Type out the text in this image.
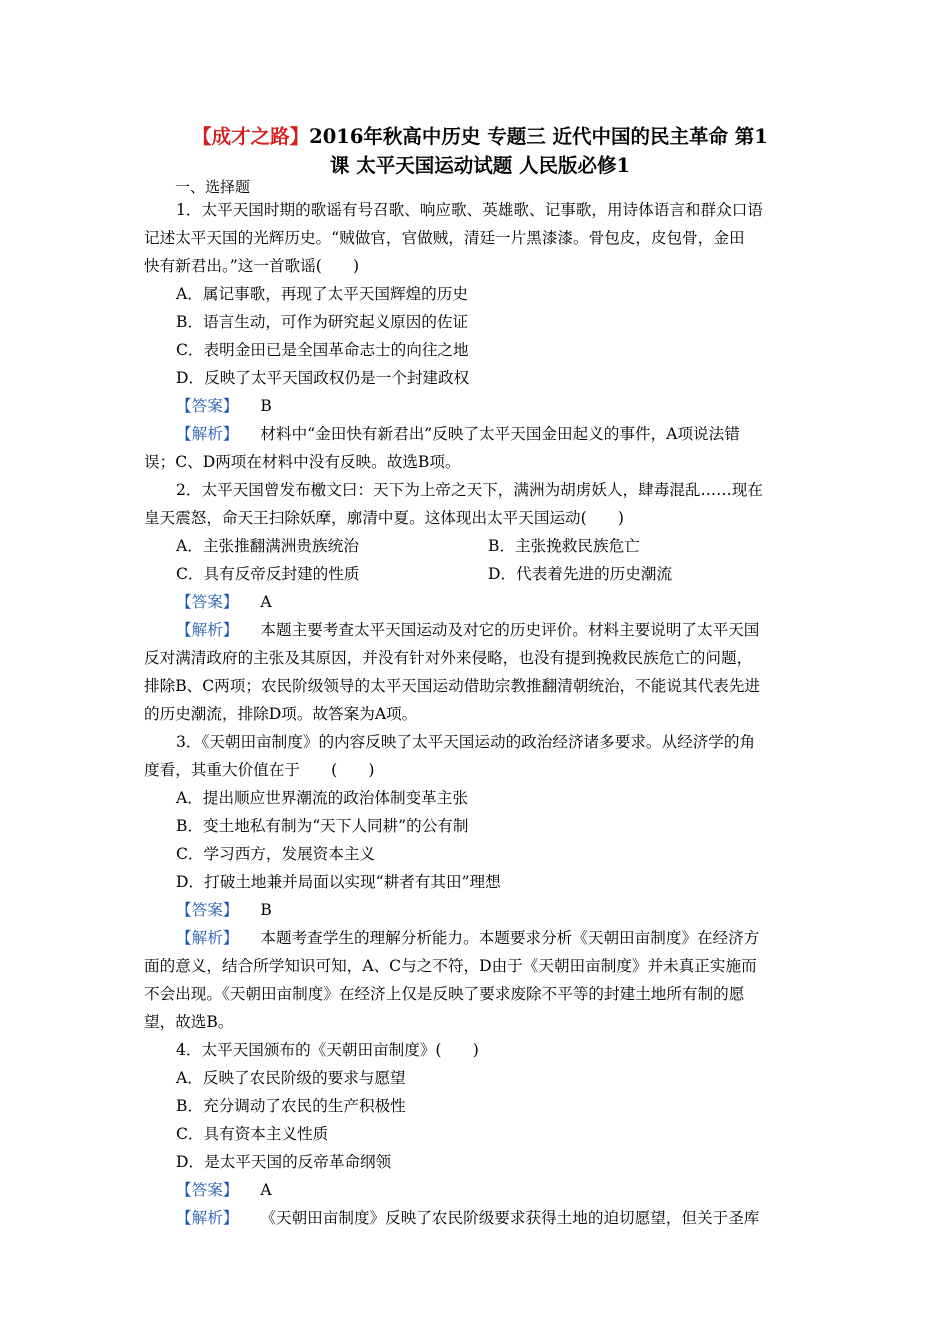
【成才之路】2016年秋高中历史 专题三 近代中国的民主革命 第1
课 太平天国运动试题 人民版必修1
一、选择题

1．太平天国时期的歌谣有号召歌、响应歌、英雄歌、记事歌，用诗体语言和群众口语

记述太平天国的光辉历史。“贼做官，官做贼，清廷一片黑漆漆。骨包皮，皮包骨，金田

快有新君出。”这一首歌谣(　　)

A．属记事歌，再现了太平天国辉煌的历史

B．语言生动，可作为研究起义原因的佐证

C．表明金田已是全国革命志士的向往之地

D．反映了太平天国政权仍是一个封建政权

【答案】 B

【解析】 材料中“金田快有新君出”反映了太平天国金田起义的事件，A项说法错

误；C、D两项在材料中没有反映。故选B项。

2．太平天国曾发布檄文曰：天下为上帝之天下，满洲为胡虏妖人，肆毒混乱……现在

皇天震怒，命天王扫除妖摩，廓清中夏。这体现出太平天国运动(　　)

A．主张推翻满洲贵族统治	B．主张挽救民族危亡
C．具有反帝反封建的性质	D．代表着先进的历史潮流

【答案】 A

【解析】 本题主要考查太平天国运动及对它的历史评价。材料主要说明了太平天国

反对满清政府的主张及其原因，并没有针对外来侵略，也没有提到挽救民族危亡的问题，

排除B、C两项；农民阶级领导的太平天国运动借助宗教推翻清朝统治，不能说其代表先进

的历史潮流，排除D项。故答案为A项。

3．《天朝田亩制度》的内容反映了太平天国运动的政治经济诸多要求。从经济学的角

度看，其重大价值在于　　(　　)

A．提出顺应世界潮流的政治体制变革主张

B．变土地私有制为“天下人同耕”的公有制

C．学习西方，发展资本主义

D．打破土地兼并局面以实现“耕者有其田”理想

【答案】 B

【解析】 本题考查学生的理解分析能力。本题要求分析《天朝田亩制度》在经济方

面的意义，结合所学知识可知，A、C与之不符，D由于《天朝田亩制度》并未真正实施而

不会出现。《天朝田亩制度》在经济上仅是反映了要求废除不平等的封建土地所有制的愿

望，故选B。

4．太平天国颁布的《天朝田亩制度》(　　)

A．反映了农民阶级的要求与愿望

B．充分调动了农民的生产积极性

C．具有资本主义性质

D．是太平天国的反帝革命纲领

【答案】 A

【解析】 《天朝田亩制度》反映了农民阶级要求获得土地的迫切愿望，但关于圣库
